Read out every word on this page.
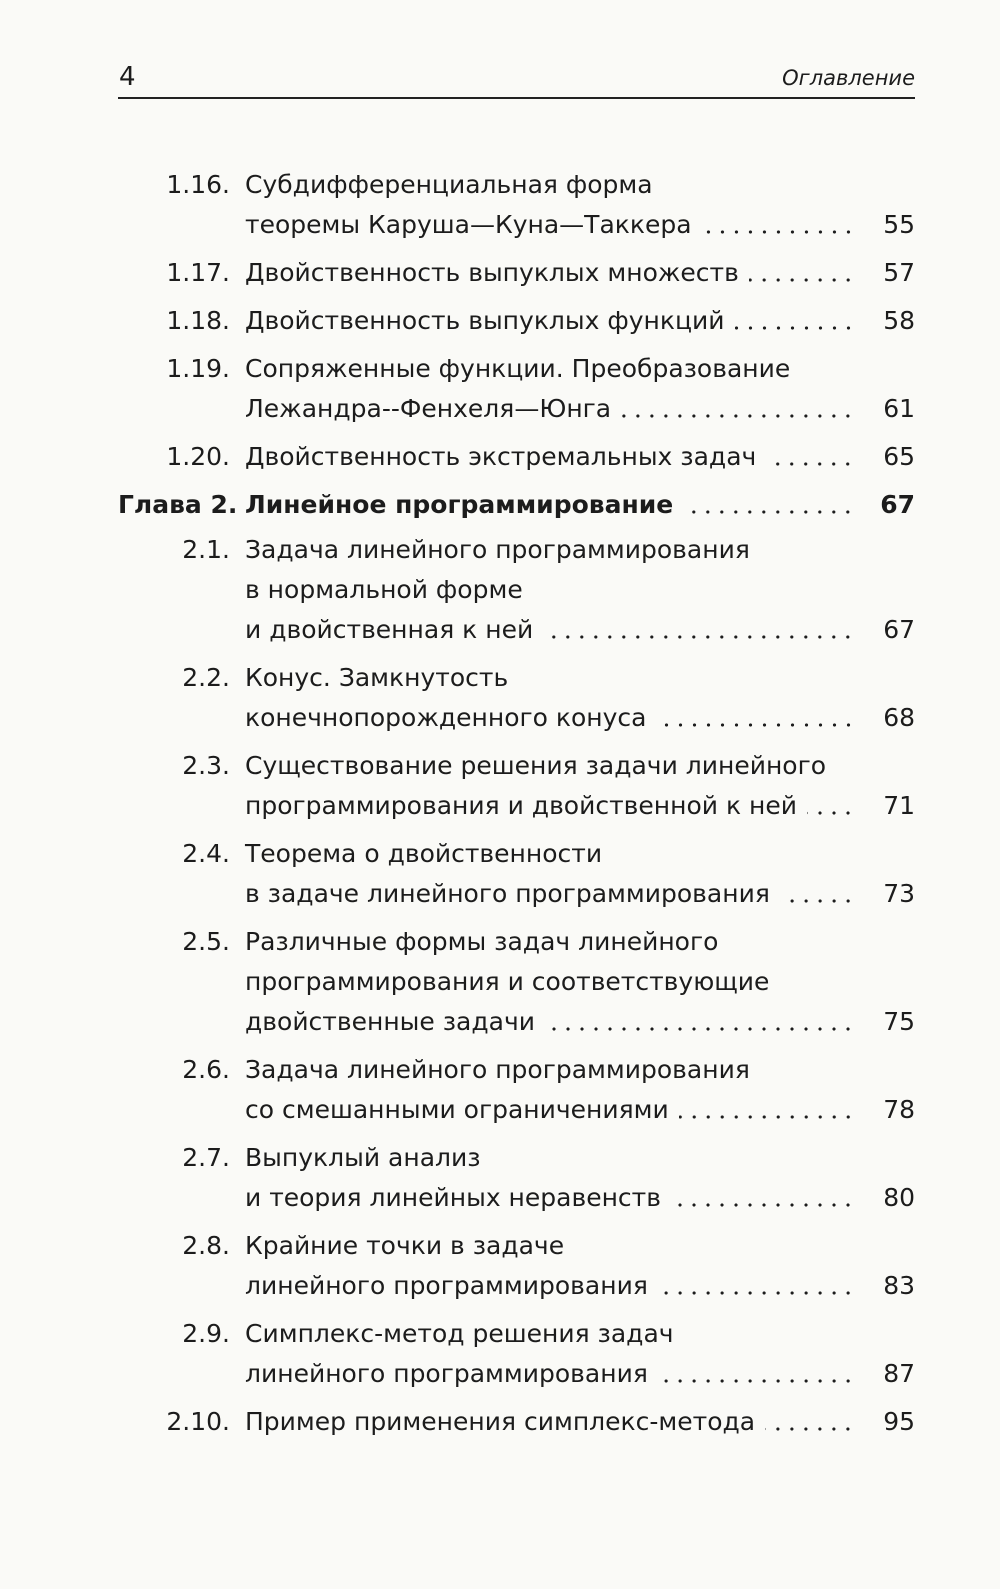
4	Оглавление
1.16. Субдифференциальная форма
теоремы Каруша—Куна—Таккера	55
1.17. Двойственность выпуклых множеств	57
1.18. Двойственность выпуклых функций	58
1.19. Сопряженные функции. Преобразование
Лежандра--Фенхеля—Юнга	61
1.20. Двойственность экстремальных задач	65
Глава 2. Линейное программирование	67
2.1. Задача линейного программирования
в нормальной форме
и двойственная к ней	67
2.2. Конус. Замкнутость
конечнопорожденного конуса	68
2.3. Существование решения задачи линейного
программирования и двойственной к ней	71
2.4. Теорема о двойственности
в задаче линейного программирования	73
2.5. Различные формы задач линейного
программирования и соответствующие
двойственные задачи	75
2.6. Задача линейного программирования
со смешанными ограничениями	78
2.7. Выпуклый анализ
и теория линейных неравенств	80
2.8. Крайние точки в задаче
линейного программирования	83
2.9. Симплекс-метод решения задач
линейного программирования	87
2.10. Пример применения симплекс-метода	95
